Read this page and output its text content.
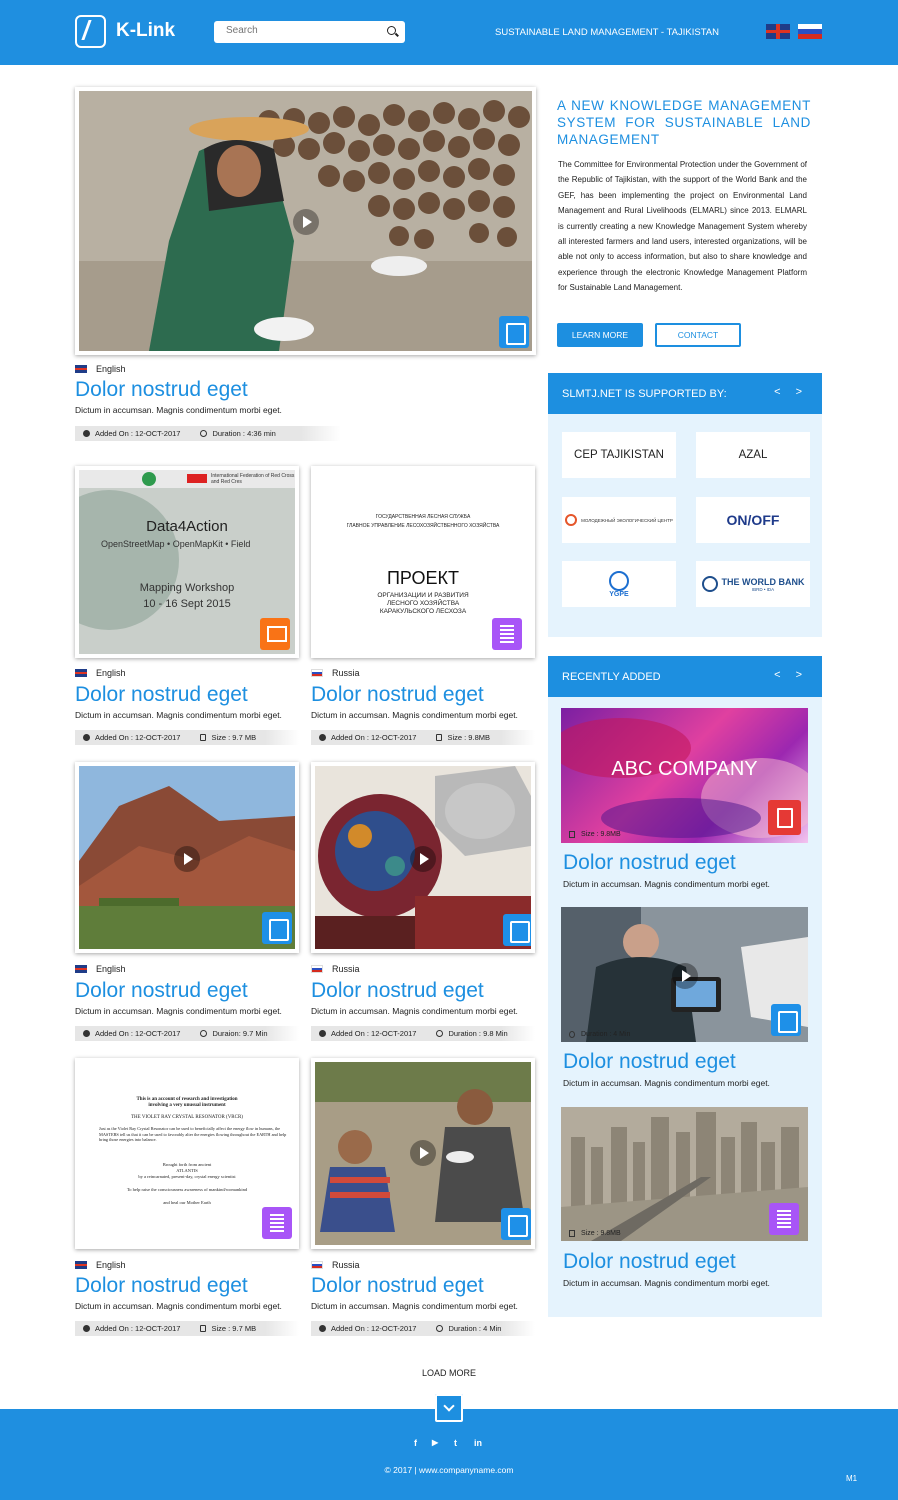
K-Link
Search	SUSTAINABLE LAND MANAGEMENT - TAJIKISTAN
English
Dolor nostrud eget
Dictum in accumsan. Magnis condimentum morbi eget.
Added On : 12-OCT-2017	Duration : 4:36 min
International Federation of Red Cross and Red Cres
Data4Action
OpenStreetMap • OpenMapKit • Field
Mapping Workshop
10 - 16 Sept 2015
English
Dolor nostrud eget
Dictum in accumsan. Magnis condimentum morbi eget.
Added On : 12-OCT-2017	Size : 9.7 MB
ГОСУДАРСТВЕННАЯ ЛЕСНАЯ СЛУЖБА
ГЛАВНОЕ УПРАВЛЕНИЕ ЛЕСОХОЗЯЙСТВЕННОГО ХОЗЯЙСТВА
ПРОЕКТ
ОРГАНИЗАЦИИ И РАЗВИТИЯ
ЛЕСНОГО ХОЗЯЙСТВА
КАРАКУЛЬСКОГО ЛЕСХОЗА
Russia
Dolor nostrud eget
Dictum in accumsan. Magnis condimentum morbi eget.
Added On : 12-OCT-2017	Size : 9.8MB
English
Dolor nostrud eget
Dictum in accumsan. Magnis condimentum morbi eget.
Added On : 12-OCT-2017	Duraion: 9.7 Min
Russia
Dolor nostrud eget
Dictum in accumsan. Magnis condimentum morbi eget.
Added On : 12-OCT-2017	Duration : 9.8 Min
This is an account of research and investigation
involving a very unusual instrument
THE VIOLET RAY CRYSTAL RESONATOR (VRCR)
Just as the Violet Ray Crystal Resonator can be used to beneficially affect the energy flow in humans, the MASTERS tell us that it can be used to favorably alter the energies flowing throughout the EARTH and help bring those energies into balance.
Brought forth from ancient
ATLANTIS
by a reincarnated, present-day, crystal energy scientist
To help raise the consciousness awareness of mankind/womankind
and heal our Mother Earth
English
Dolor nostrud eget
Dictum in accumsan. Magnis condimentum morbi eget.
Added On : 12-OCT-2017	Size : 9.7 MB
Russia
Dolor nostrud eget
Dictum in accumsan. Magnis condimentum morbi eget.
Added On : 12-OCT-2017	Duration : 4 Min
A NEW KNOWLEDGE MANAGEMENT SYSTEM FOR SUSTAINABLE LAND MANAGEMENT
The Committee for Environmental Protection under the Government of the Republic of Tajikistan, with the support of the World Bank and the GEF, has been implementing the project on Environmental Land Management and Rural Livelihoods (ELMARL) since 2013. ELMARL is currently creating a new Knowledge Management System whereby all interested farmers and land users, interested organizations, will be able not only to access information, but also to share knowledge and experience through the electronic Knowledge Management Platform for Sustainable Land Management.
LEARN MORE	CONTACT
SLMTJ.NET IS SUPPORTED BY:	< >
CEP TAJIKISTAN	AZAL
МОЛОДЕЖНЫЙ ЭКОЛОГИЧЕСКИЙ ЦЕНТР	ON/OFF
YGPE
THE WORLD BANK
IBRD • IDA
RECENTLY ADDED	< >
ABC COMPANY
Size : 9.8MB
Dolor nostrud eget
Dictum in accumsan. Magnis condimentum morbi eget.
Duration : 4 Min
Dolor nostrud eget
Dictum in accumsan. Magnis condimentum morbi eget.
Size : 9.8MB
Dolor nostrud eget
Dictum in accumsan. Magnis condimentum morbi eget.
LOAD MORE
f ▶ t in
© 2017 | www.companyname.com
M1
